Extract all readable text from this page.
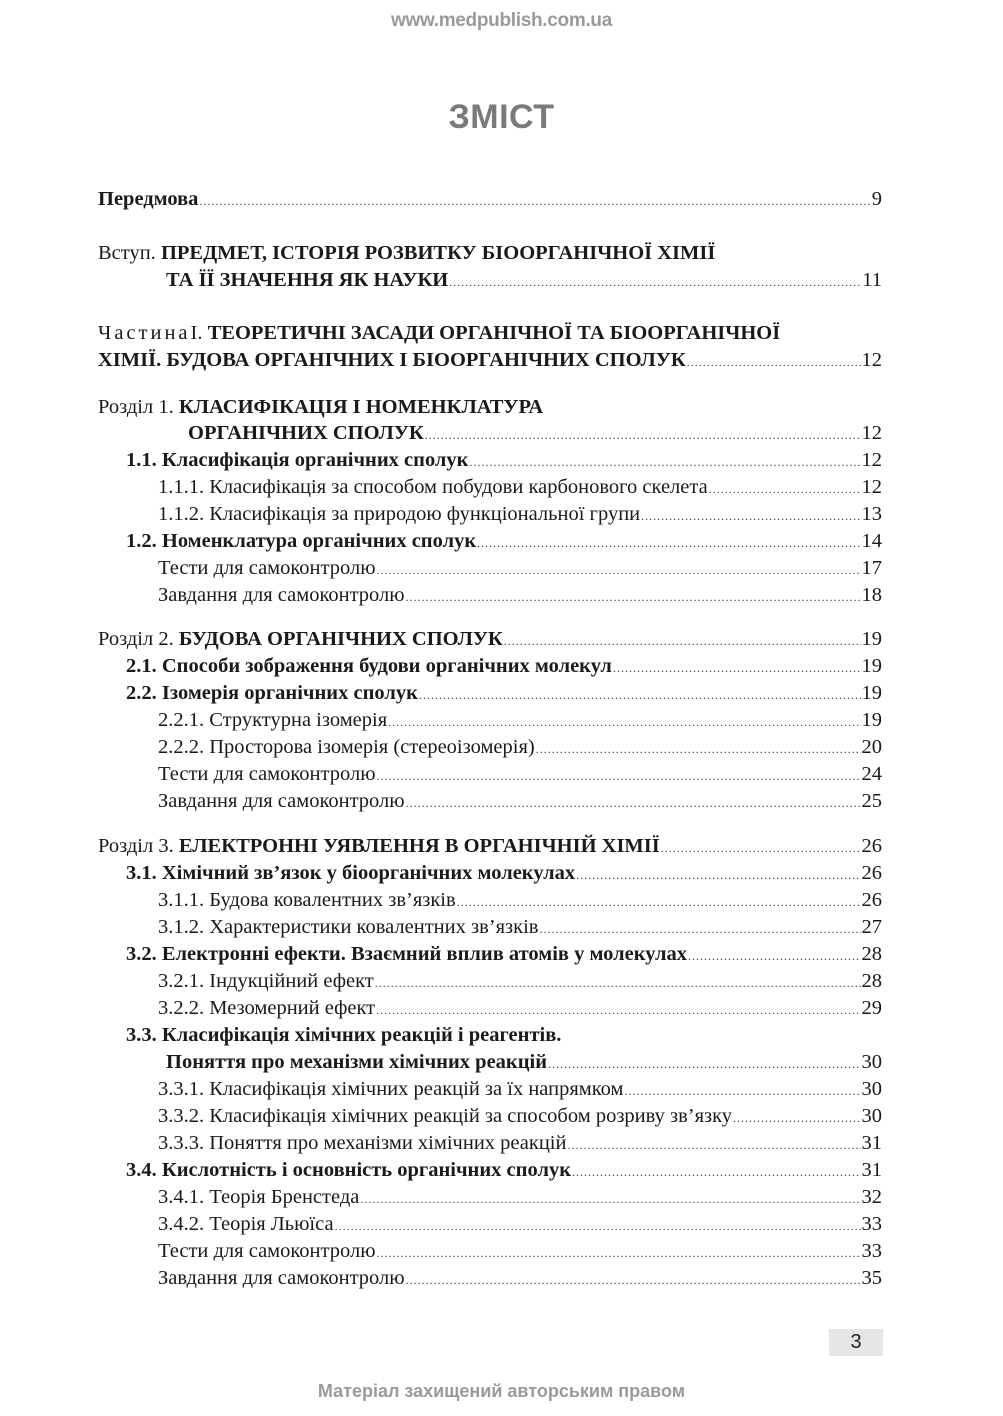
www.medpublish.com.ua
ЗМІСТ
Передмова .....	9
Вступ. ПРЕДМЕТ, ІСТОРІЯ РОЗВИТКУ БІООРГАНІЧНОЇ ХІМІЇ
ТА ЇЇ ЗНАЧЕННЯ ЯК НАУКИ .....	11
ЧастинаI. ТЕОРЕТИЧНІ ЗАСАДИ ОРГАНІЧНОЇ ТА БІООРГАНІЧНОЇ
ХІМІЇ. БУДОВА ОРГАНІЧНИХ І БІООРГАНІЧНИХ СПОЛУК .....	12
Розділ 1. КЛАСИФІКАЦІЯ І НОМЕНКЛАТУРА
ОРГАНІЧНИХ СПОЛУК .....	12
1.1. Класифікація органічних сполук .....	12
1.1.1. Класифікація за способом побудови карбонового скелета .....	12
1.1.2. Класифікація за природою функціональної групи .....	13
1.2. Номенклатура органічних сполук .....	14
Тести для самоконтролю .....	17
Завдання для самоконтролю .....	18
Розділ 2. БУДОВА ОРГАНІЧНИХ СПОЛУК .....	19
2.1. Способи зображення будови органічних молекул .....	19
2.2. Ізомерія органічних сполук .....	19
2.2.1. Структурна ізомерія .....	19
2.2.2. Просторова ізомерія (стереоізомерія) .....	20
Тести для самоконтролю .....	24
Завдання для самоконтролю .....	25
Розділ 3. ЕЛЕКТРОННІ УЯВЛЕННЯ В ОРГАНІЧНІЙ ХІМІЇ .....	26
3.1. Хімічний зв’язок у біоорганічних молекулах .....	26
3.1.1. Будова ковалентних зв’язків .....	26
3.1.2. Характеристики ковалентних зв’язків .....	27
3.2. Електронні ефекти. Взаємний вплив атомів у молекулах .....	28
3.2.1. Індукційний ефект .....	28
3.2.2. Мезомерний ефект .....	29
3.3. Класифікація хімічних реакцій і реагентів.
Поняття про механізми хімічних реакцій .....	30
3.3.1. Класифікація хімічних реакцій за їх напрямком .....	30
3.3.2. Класифікація хімічних реакцій за способом розриву зв’язку .....	30
3.3.3. Поняття про механізми хімічних реакцій .....	31
3.4. Кислотність і основність органічних сполук .....	31
3.4.1. Теорія Бренстеда .....	32
3.4.2. Теорія Льюїса .....	33
Тести для самоконтролю .....	33
Завдання для самоконтролю .....	35
3
Матеріал захищений авторським правом
